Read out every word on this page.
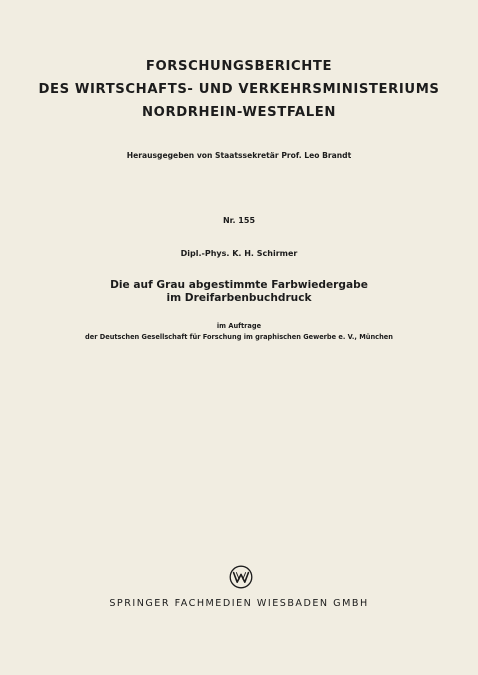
FORSCHUNGSBERICHTE
DES WIRTSCHAFTS- UND VERKEHRSMINISTERIUMS
NORDRHEIN-WESTFALEN
Herausgegeben von Staatssekretär Prof. Leo Brandt
Nr. 155
Dipl.-Phys. K. H. Schirmer
Die auf Grau abgestimmte Farbwiedergabe
im Dreifarbenbuchdruck
im Auftrage
der Deutschen Gesellschaft für Forschung im graphischen Gewerbe e. V., München
SPRINGER FACHMEDIEN WIESBADEN GMBH
